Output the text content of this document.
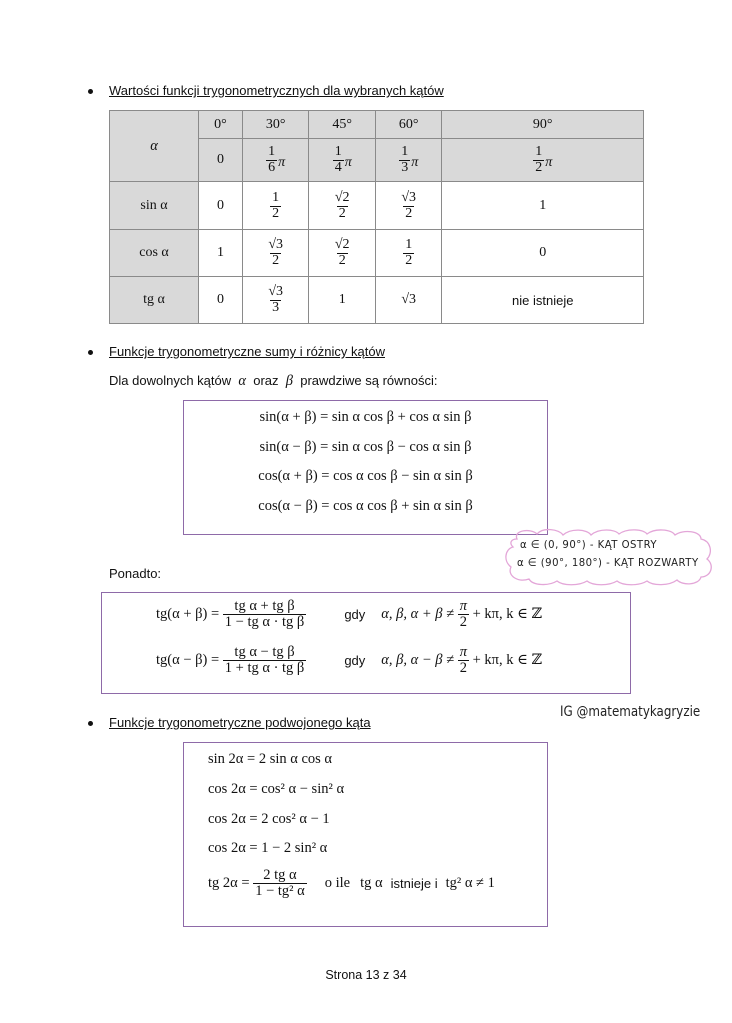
Wartości funkcji trygonometrycznych dla wybranych kątów
α	0°	30°	45°	60°	90°
	0	$\frac{1}{6}$ π	$\frac{1}{4}$ π	$\frac{1}{3}$ π	$\frac{1}{2}$ π

sin α	0	$\frac{1}{2}$	$\frac{√2}{2}$	$\frac{√3}{2}$	1
cos α	1	$\frac{√3}{2}$	$\frac{√2}{2}$	$\frac{1}{2}$	0
tg α	0	$\frac{√3}{3}$	1	√3	nie istnieje
Funkcje trygonometryczne sumy i różnicy kątów
Dla dowolnych kątów α oraz β prawdziwe są równości:
sin(α + β) = sin α cos β + cos α sin β
sin(α − β) = sin α cos β − cos α sin β
cos(α + β) = cos α cos β − sin α sin β
cos(α − β) = cos α cos β + sin α sin β
α ∈ (0, 90°) - KĄT OSTRY
α ∈ (90°, 180°) - KĄT ROZWARTY
Ponadto:
tg(α + β) =
$\frac{\text{tg α + tg β}}{\text{1 − tg α · tg β}}$	gdy α, β, α + β ≠
$\frac{\pi}{2}$
+ kπ, k ∈ ℤ
tg(α − β) =
$\frac{\text{tg α − tg β}}{\text{1 + tg α · tg β}}$	gdy α, β, α − β ≠
$\frac{\pi}{2}$
+ kπ, k ∈ ℤ
Funkcje trygonometryczne podwojonego kąta
IG @matematykagryzie
sin 2α = 2 sin α cos α
cos 2α = cos² α − sin² α
cos 2α = 2 cos² α − 1
cos 2α = 1 − 2 sin² α
tg 2α =
$\frac{\text{2 tg α}}{\text{1 − tg² α}}$ o ile tg α istnieje i tg² α ≠ 1
Strona 13 z 34
